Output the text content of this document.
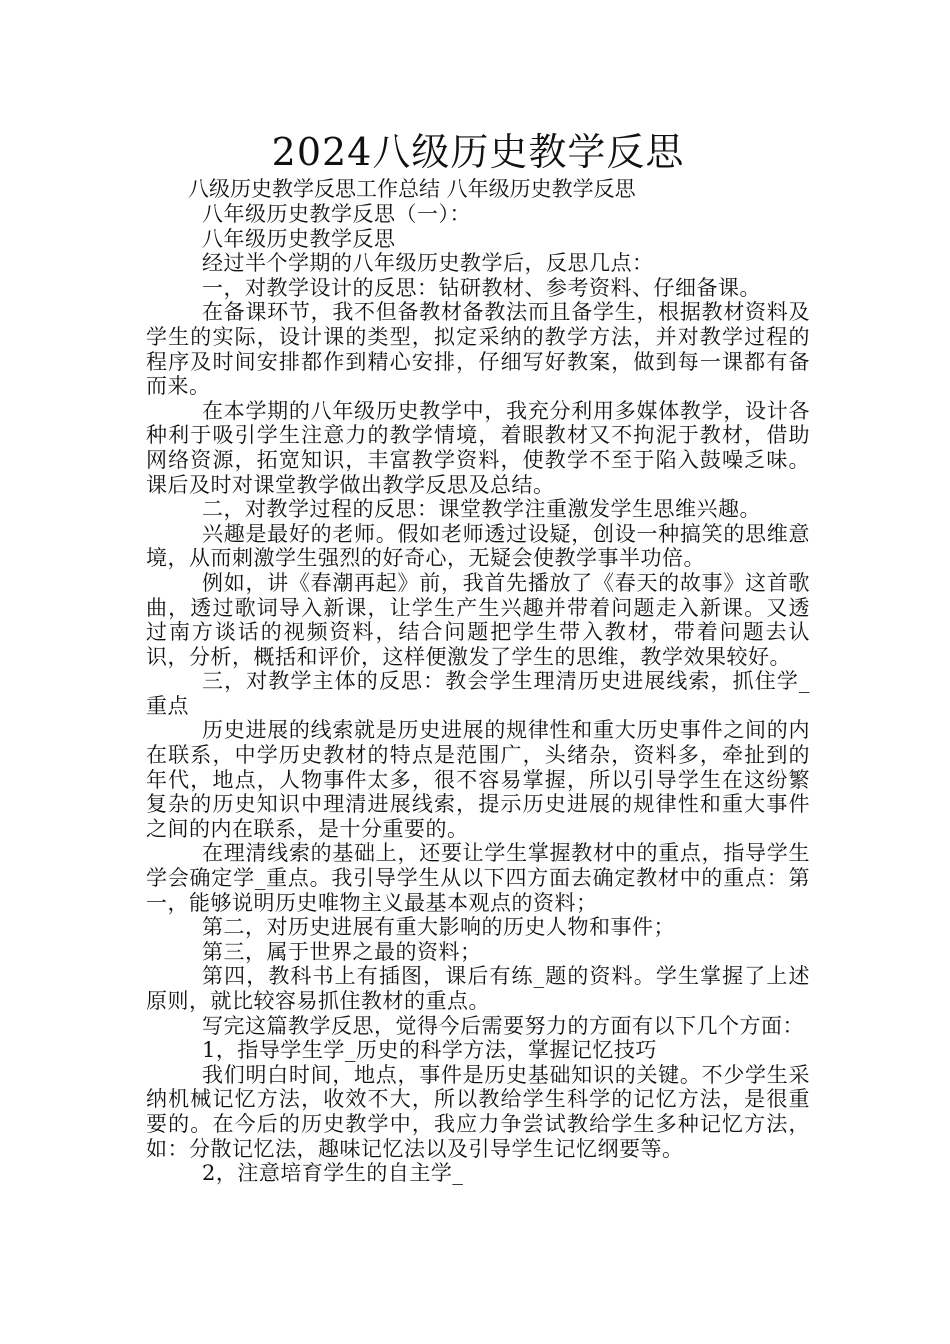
2024八级历史教学反思

八级历史教学反思工作总结 八年级历史教学反思

八年级历史教学反思（一）：

八年级历史教学反思

经过半个学期的八年级历史教学后，反思几点：

一，对教学设计的反思：钻研教材、参考资料、仔细备课。

在备课环节，我不但备教材备教法而且备学生，根据教材资料及学生的实际，设计课的类型，拟定采纳的教学方法，并对教学过程的程序及时间安排都作到精心安排，仔细写好教案，做到每一课都有备而来。

在本学期的八年级历史教学中，我充分利用多媒体教学，设计各种利于吸引学生注意力的教学情境，着眼教材又不拘泥于教材，借助网络资源，拓宽知识，丰富教学资料，使教学不至于陷入鼓噪乏味。课后及时对课堂教学做出教学反思及总结。

二，对教学过程的反思：课堂教学注重激发学生思维兴趣。

兴趣是最好的老师。假如老师透过设疑，创设一种搞笑的思维意境，从而刺激学生强烈的好奇心，无疑会使教学事半功倍。

例如，讲《春潮再起》前，我首先播放了《春天的故事》这首歌曲，透过歌词导入新课，让学生产生兴趣并带着问题走入新课。又透过南方谈话的视频资料，结合问题把学生带入教材，带着问题去认识，分析，概括和评价，这样便激发了学生的思维，教学效果较好。

三，对教学主体的反思：教会学生理清历史进展线索，抓住学_重点

历史进展的线索就是历史进展的规律性和重大历史事件之间的内在联系，中学历史教材的特点是范围广，头绪杂，资料多，牵扯到的年代，地点，人物事件太多，很不容易掌握，所以引导学生在这纷繁复杂的历史知识中理清进展线索，提示历史进展的规律性和重大事件之间的内在联系，是十分重要的。

在理清线索的基础上，还要让学生掌握教材中的重点，指导学生学会确定学_重点。我引导学生从以下四方面去确定教材中的重点：第一，能够说明历史唯物主义最基本观点的资料；

第二，对历史进展有重大影响的历史人物和事件；

第三，属于世界之最的资料；

第四，教科书上有插图，课后有练_题的资料。学生掌握了上述原则，就比较容易抓住教材的重点。

写完这篇教学反思，觉得今后需要努力的方面有以下几个方面：

1，指导学生学_历史的科学方法，掌握记忆技巧

我们明白时间，地点，事件是历史基础知识的关键。不少学生采纳机械记忆方法，收效不大，所以教给学生科学的记忆方法，是很重要的。在今后的历史教学中，我应力争尝试教给学生多种记忆方法，如：分散记忆法，趣味记忆法以及引导学生记忆纲要等。

2，注意培育学生的自主学_
